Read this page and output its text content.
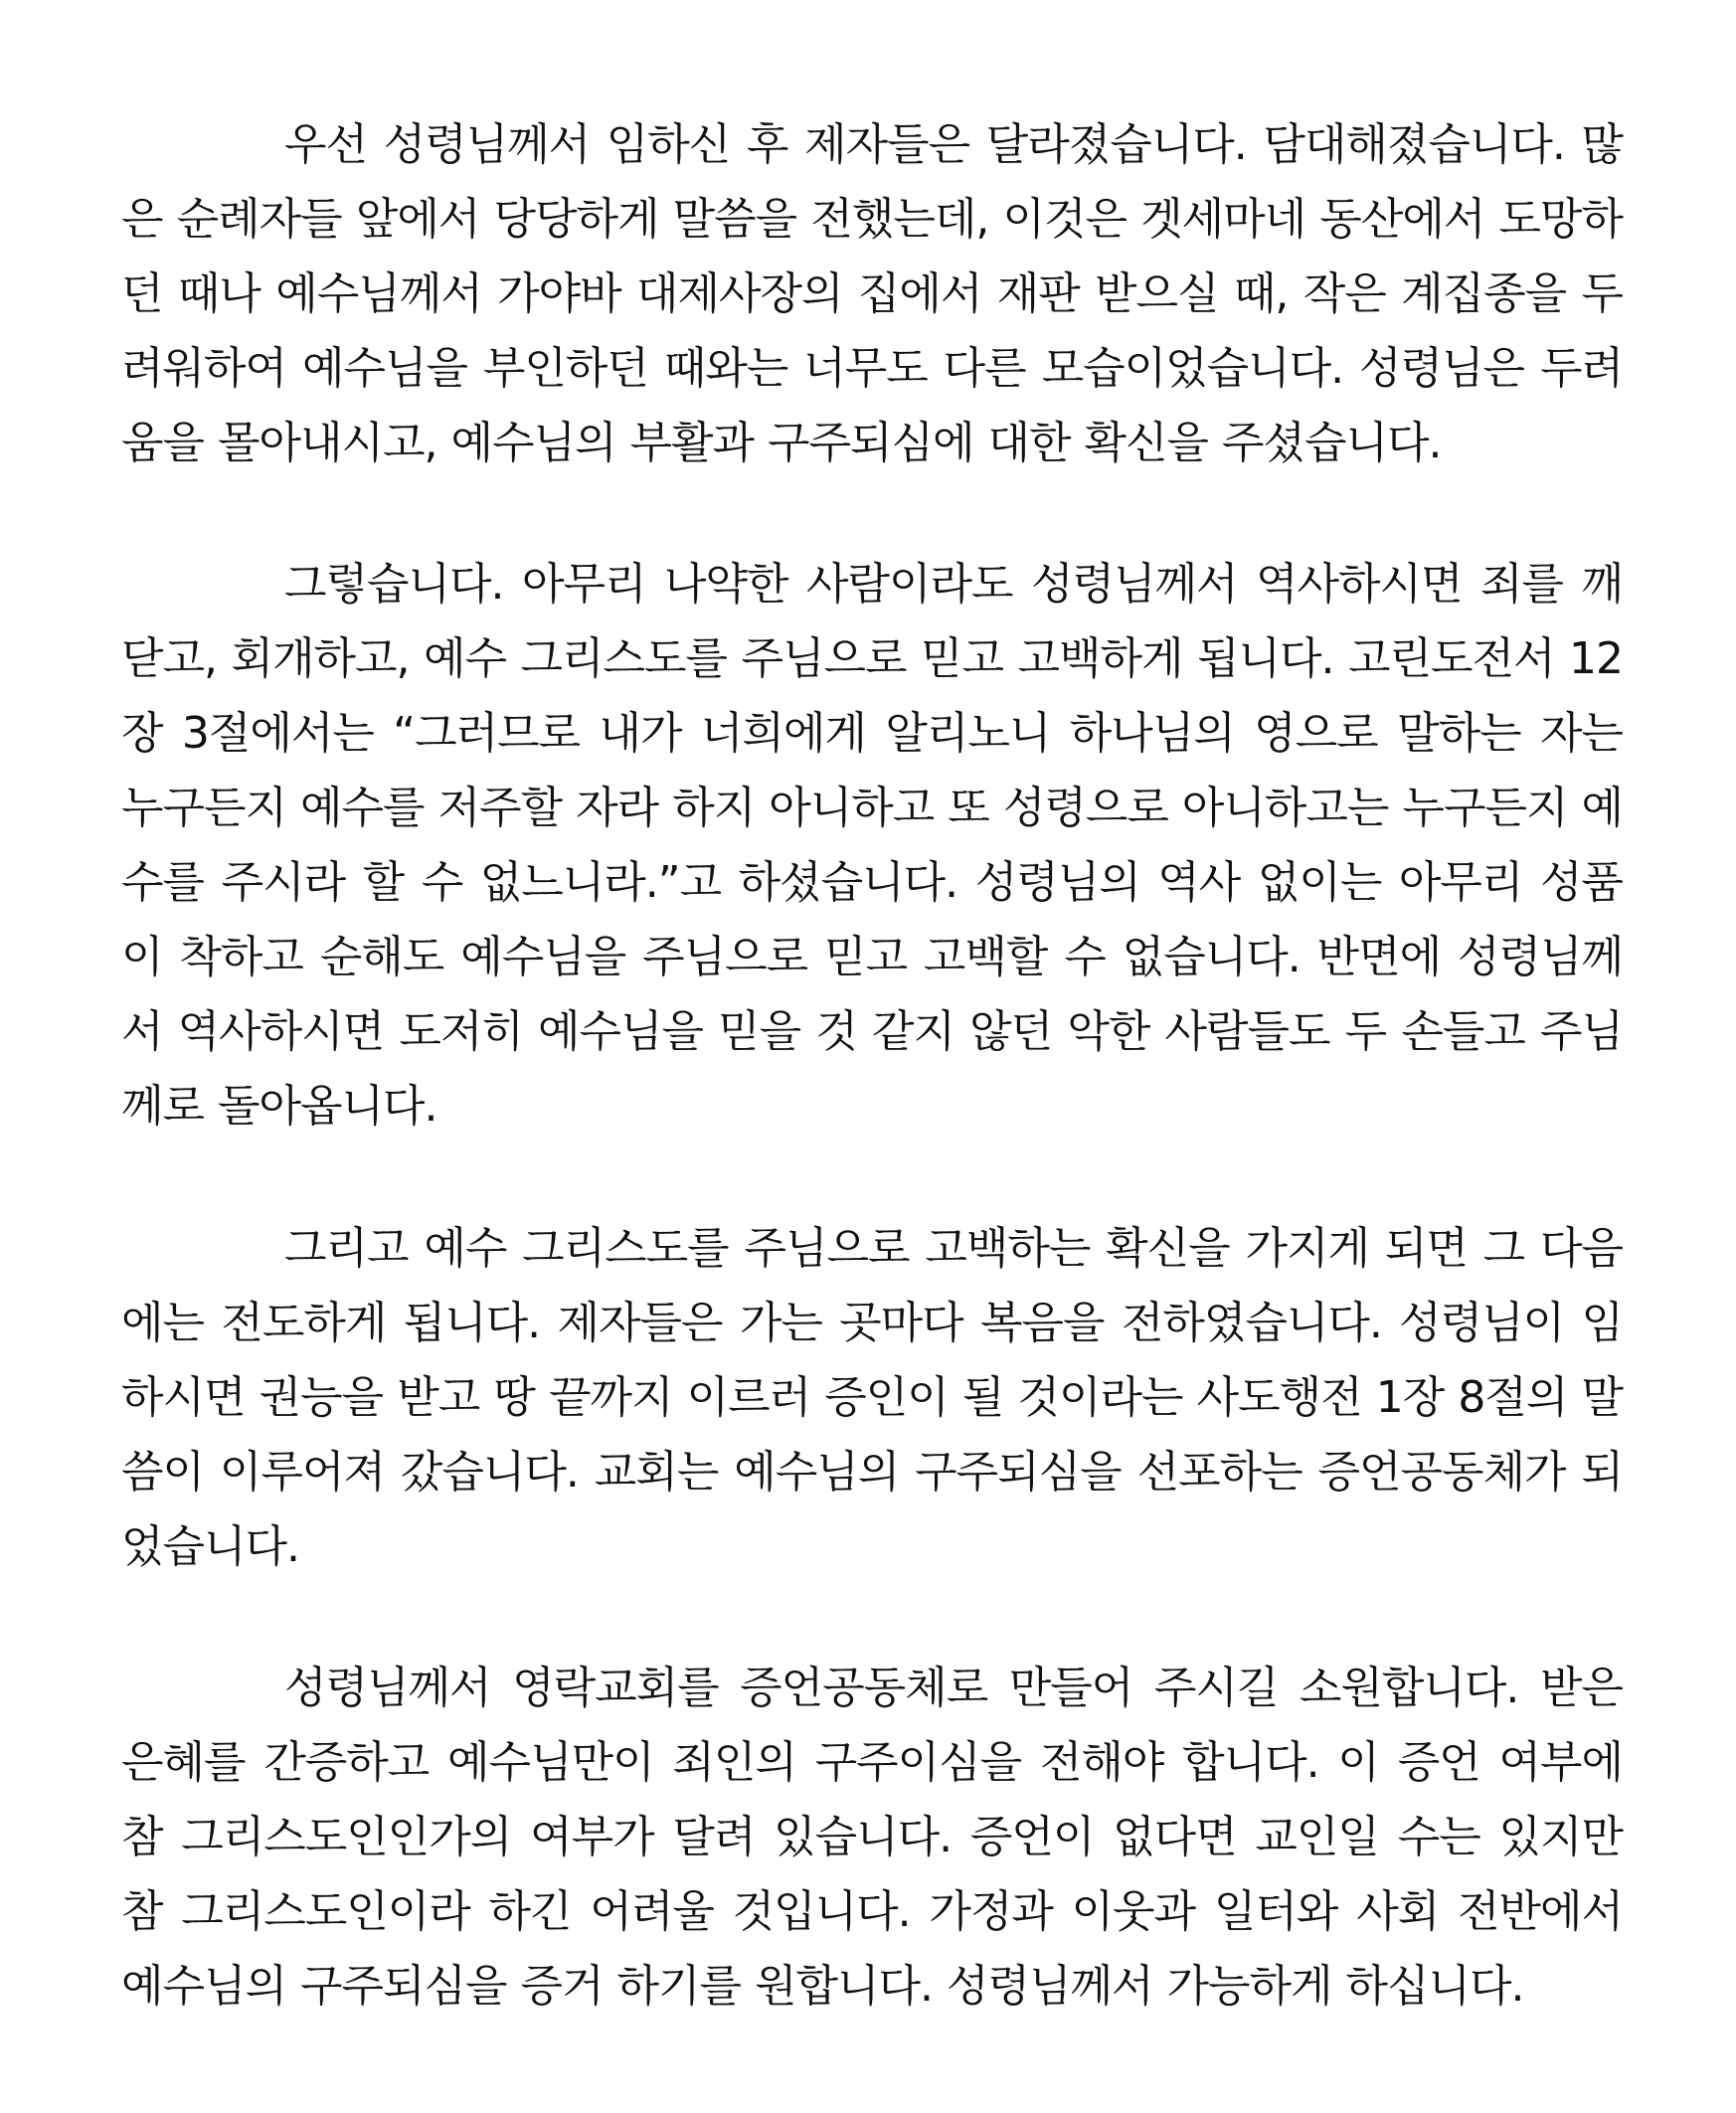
우선 성령님께서 임하신 후 제자들은 달라졌습니다. 담대해졌습니다. 많은 순례자들 앞에서 당당하게 말씀을 전했는데, 이것은 겟세마네 동산에서 도망하던 때나 예수님께서 가야바 대제사장의 집에서 재판 받으실 때, 작은 계집종을 두려워하여 예수님을 부인하던 때와는 너무도 다른 모습이었습니다. 성령님은 두려움을 몰아내시고, 예수님의 부활과 구주되심에 대한 확신을 주셨습니다.

그렇습니다. 아무리 나약한 사람이라도 성령님께서 역사하시면 죄를 깨닫고, 회개하고, 예수 그리스도를 주님으로 믿고 고백하게 됩니다. 고린도전서 12장 3절에서는 “그러므로 내가 너희에게 알리노니 하나님의 영으로 말하는 자는 누구든지 예수를 저주할 자라 하지 아니하고 또 성령으로 아니하고는 누구든지 예수를 주시라 할 수 없느니라.”고 하셨습니다. 성령님의 역사 없이는 아무리 성품이 착하고 순해도 예수님을 주님으로 믿고 고백할 수 없습니다. 반면에 성령님께서 역사하시면 도저히 예수님을 믿을 것 같지 않던 악한 사람들도 두 손들고 주님께로 돌아옵니다.

그리고 예수 그리스도를 주님으로 고백하는 확신을 가지게 되면 그 다음에는 전도하게 됩니다. 제자들은 가는 곳마다 복음을 전하였습니다. 성령님이 임하시면 권능을 받고 땅 끝까지 이르러 증인이 될 것이라는 사도행전 1장 8절의 말씀이 이루어져 갔습니다. 교회는 예수님의 구주되심을 선포하는 증언공동체가 되었습니다.

성령님께서 영락교회를 증언공동체로 만들어 주시길 소원합니다. 받은 은혜를 간증하고 예수님만이 죄인의 구주이심을 전해야 합니다. 이 증언 여부에 참 그리스도인인가의 여부가 달려 있습니다. 증언이 없다면 교인일 수는 있지만 참 그리스도인이라 하긴 어려울 것입니다. 가정과 이웃과 일터와 사회 전반에서 예수님의 구주되심을 증거 하기를 원합니다. 성령님께서 가능하게 하십니다.
